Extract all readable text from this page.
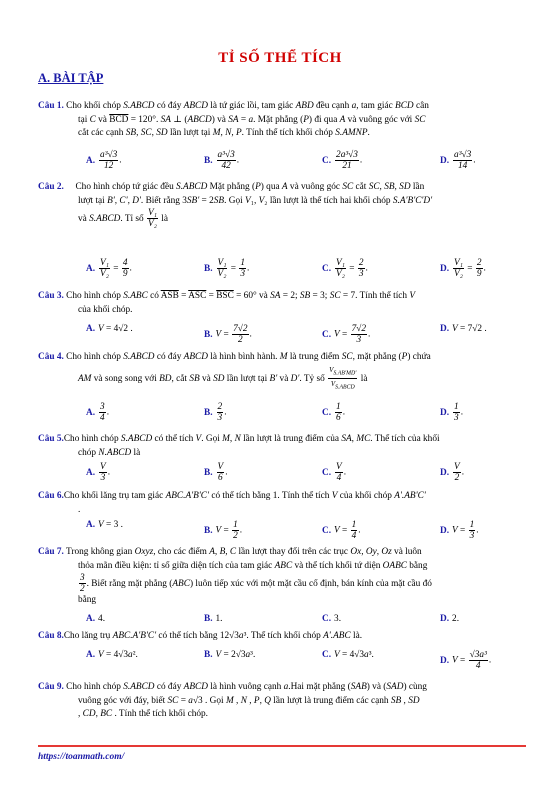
TỈ SỐ THỂ TÍCH
A. BÀI TẬP
Câu 1. Cho khối chóp S.ABCD có đáy ABCD là tứ giác lồi, tam giác ABD đều cạnh a, tam giác BCD cân
tại C và $\overline{BCD} = 120^\circ$. SA ⊥ (ABCD) và SA = a. Mặt phẳng (P) đi qua A và vuông góc với SC
cắt các cạnh SB, SC, SD lần lượt tại M, N, P. Tính thể tích khối chóp S.AMNP.
A. $\frac{\text{a³√3}}{12}$ .	B. $\frac{\text{a³√3}}{42}$ .	C. $\frac{\text{2a³√3}}{21}$ .	D. $\frac{\text{a³√3}}{14}$ .
Câu 2.     Cho hình chóp tứ giác đều S.ABCD Mặt phẳng (P) qua A và vuông góc SC cắt SC, SB, SD lần
lượt tại B', C', D'. Biết rằng 3SB' = 2SB. Gọi V₁, V₂ lần lượt là thể tích hai khối chóp S.A'B'C'D'
và S.ABCD. Tỉ số $\frac{\text{V₁}}{\text{V₂}}$ là
A. $\frac{\text{V₁}}{\text{V₂}} = \frac{4}{9}$ .	B. $\frac{\text{V₁}}{\text{V₂}} = \frac{1}{3}$ .	C. $\frac{\text{V₁}}{\text{V₂}} = \frac{2}{3}$ .	D. $\frac{\text{V₁}}{\text{V₂}} = \frac{2}{9}$ .
Câu 3. Cho hình chóp S.ABC có $\overline{ASB} = \overline{ASC} = \overline{BSC} = 60^\circ$ và SA = 2; SB = 3; SC = 7. Tính thể tích V
của khối chóp.
A. V = 4√2 .
B. $V = \frac{7√2}{2}$ .	C. $V = \frac{7√2}{3}$ .
D. V = 7√2 .
Câu 4. Cho hình chóp S.ABCD có đáy ABCD là hình bình hành. M là trung điểm SC, mặt phẳng (P) chứa
AM và song song với BD, cắt SB và SD lần lượt tại B' và D'. Tỷ số $\frac{V_{S.AB'MD'}}{V_{S.ABCD}}$ là
A. $\frac{3}{4}$ .	B. $\frac{2}{3}$ .	C. $\frac{1}{6}$ .	D. $\frac{1}{3}$ .
Câu 5.Cho hình chóp S.ABCD có thể tích V. Gọi M, N lần lượt là trung điểm của SA, MC. Thể tích của khối
chóp N.ABCD là
A. $\frac{V}{3}$ .	B. $\frac{V}{6}$ .	C. $\frac{V}{4}$ .	D. $\frac{V}{2}$ .
Câu 6.Cho khối lăng trụ tam giác ABC.A'B'C' có thể tích bằng 1. Tính thể tích V của khối chóp A'.AB'C'
.
A. V = 3 .
B. $V = \frac{1}{2}$ .	C. $V = \frac{1}{4}$ .	D. $V = \frac{1}{3}$ .
Câu 7. Trong không gian Oxyz, cho các điểm A, B, C lần lượt thay đổi trên các trục Ox, Oy, Oz và luôn
thỏa mãn điều kiện: tỉ số giữa diện tích của tam giác ABC và thể tích khối tứ diện OABC bằng

$\frac{3}{2}$ . Biết rằng mặt phẳng (ABC) luôn tiếp xúc với một mặt cầu cố định, bán kính của mặt cầu đó
bằng
A. 4.	B. 1.	C. 3.	D. 2.
Câu 8.Cho lăng trụ ABC.A'B'C' có thể tích bằng 12√3a³. Thể tích khối chóp A'.ABC là.
A. V = 4√3a².	B. V = 2√3a³.	C. V = 4√3a³.
D. $V = \frac{\text{√3a³}}{4}$ .
Câu 9. Cho hình chóp S.ABCD có đáy ABCD là hình vuông cạnh a.Hai mặt phẳng (SAB) và (SAD) cùng
vuông góc với đáy, biết SC = a√3 . Gọi M , N , P, Q lần lượt là trung điểm các cạnh SB , SD
, CD, BC . Tính thể tích khối chóp.
https://toanmath.com/
